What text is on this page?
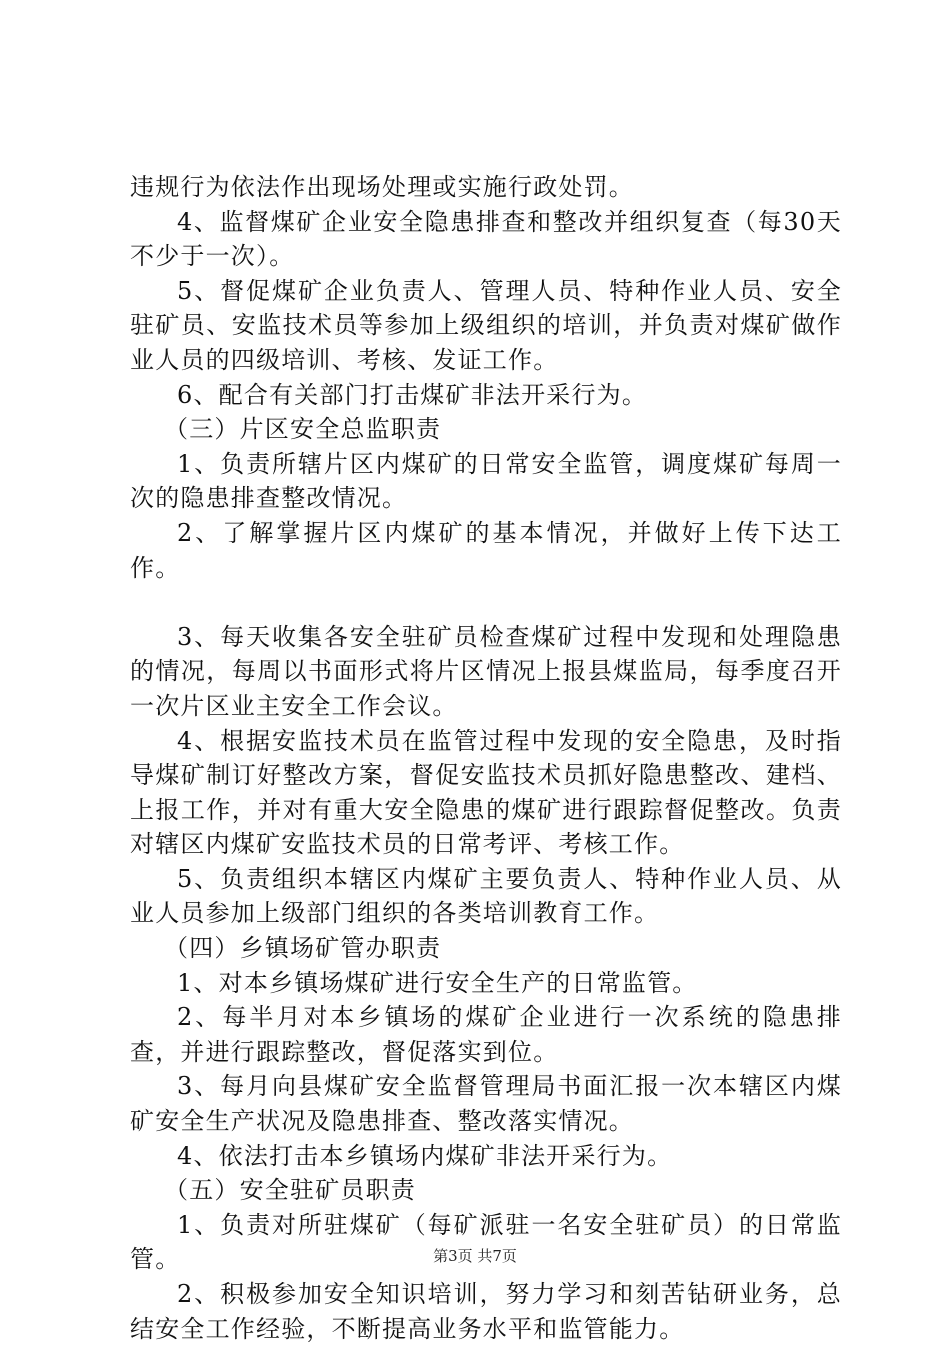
违规行为依法作出现场处理或实施行政处罚。

4、监督煤矿企业安全隐患排查和整改并组织复查（每30天不少于一次）。

5、督促煤矿企业负责人、管理人员、特种作业人员、安全驻矿员、安监技术员等参加上级组织的培训，并负责对煤矿做作业人员的四级培训、考核、发证工作。

6、配合有关部门打击煤矿非法开采行为。

（三）片区安全总监职责

1、负责所辖片区内煤矿的日常安全监管，调度煤矿每周一次的隐患排查整改情况。

2、了解掌握片区内煤矿的基本情况，并做好上传下达工作。

3、每天收集各安全驻矿员检查煤矿过程中发现和处理隐患的情况，每周以书面形式将片区情况上报县煤监局，每季度召开一次片区业主安全工作会议。

4、根据安监技术员在监管过程中发现的安全隐患，及时指导煤矿制订好整改方案，督促安监技术员抓好隐患整改、建档、上报工作，并对有重大安全隐患的煤矿进行跟踪督促整改。负责对辖区内煤矿安监技术员的日常考评、考核工作。

5、负责组织本辖区内煤矿主要负责人、特种作业人员、从业人员参加上级部门组织的各类培训教育工作。

（四）乡镇场矿管办职责

1、对本乡镇场煤矿进行安全生产的日常监管。

2、每半月对本乡镇场的煤矿企业进行一次系统的隐患排查，并进行跟踪整改，督促落实到位。

3、每月向县煤矿安全监督管理局书面汇报一次本辖区内煤矿安全生产状况及隐患排查、整改落实情况。

4、依法打击本乡镇场内煤矿非法开采行为。

（五）安全驻矿员职责

1、负责对所驻煤矿（每矿派驻一名安全驻矿员）的日常监管。

2、积极参加安全知识培训，努力学习和刻苦钻研业务，总结安全工作经验，不断提高业务水平和监管能力。

第3页 共7页
